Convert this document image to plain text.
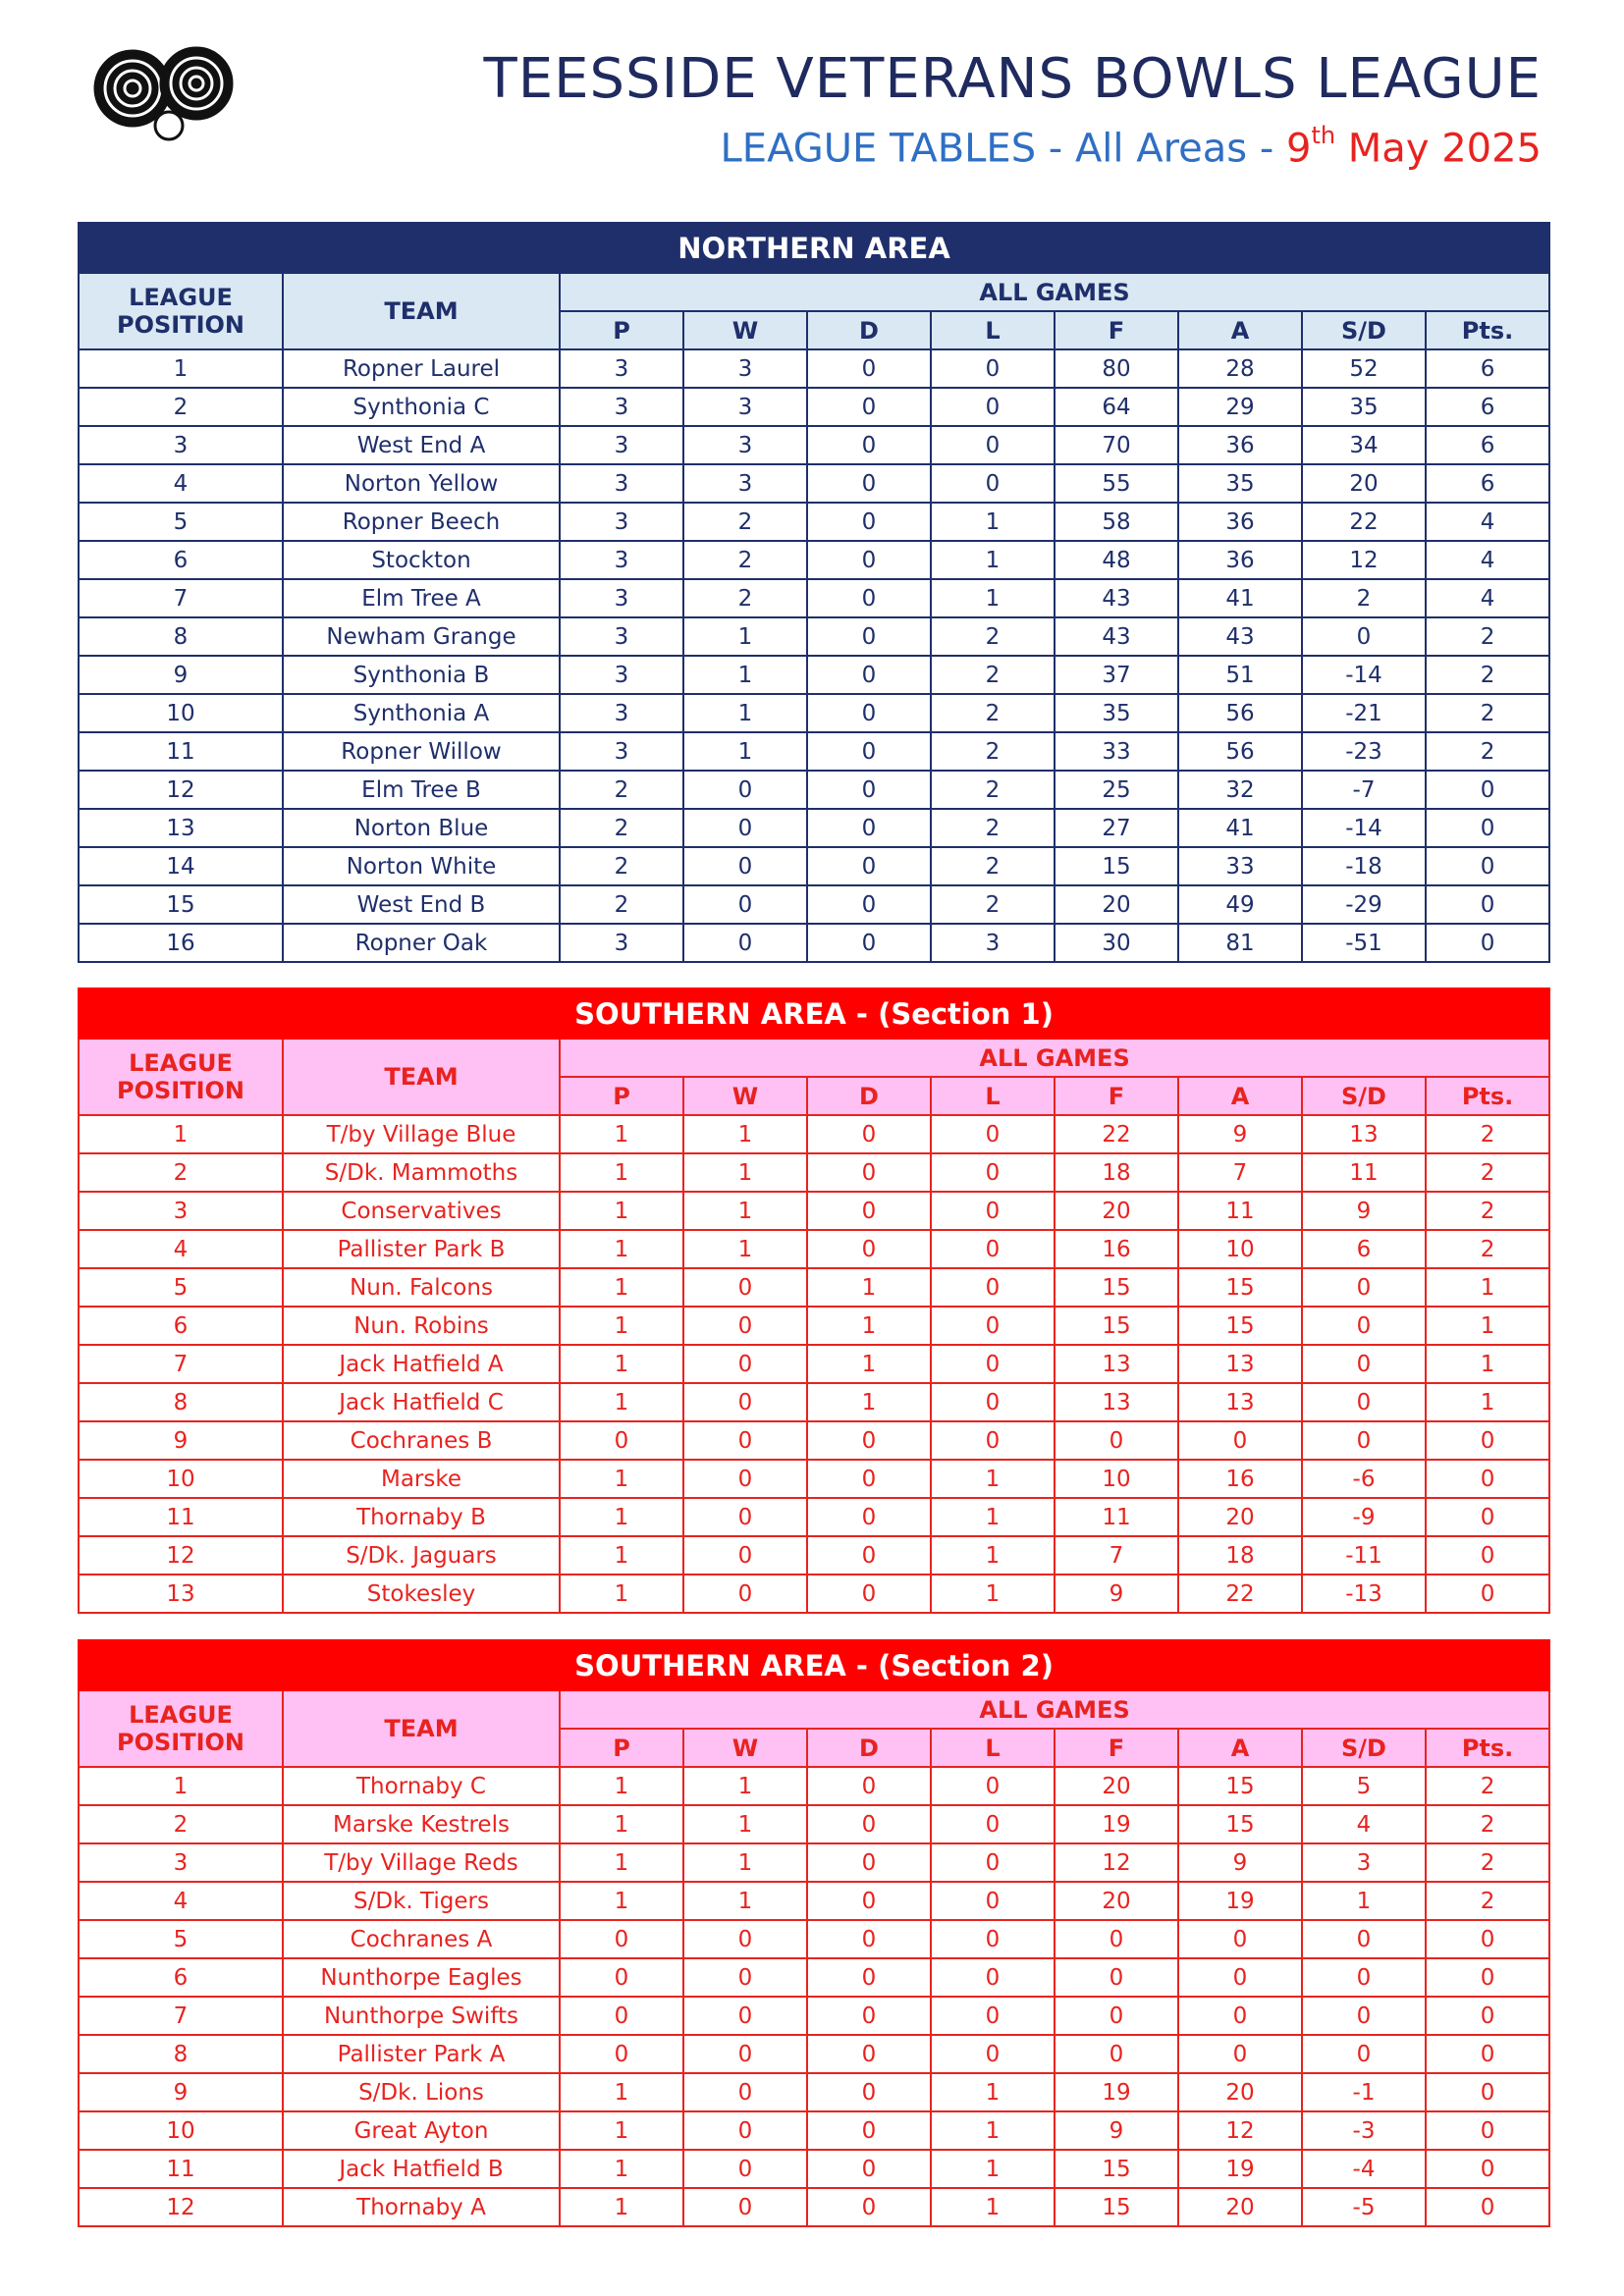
TEESSIDE VETERANS BOWLS LEAGUE
LEAGUE TABLES - All Areas - 9th May 2025
NORTHERN AREA									
LEAGUE
POSITION	TEAM	ALL GAMES							
		P	W	D	L	F	A	S/D	Pts.
1	Ropner Laurel	3	3	0	0	80	28	52	6
2	Synthonia C	3	3	0	0	64	29	35	6
3	West End A	3	3	0	0	70	36	34	6
4	Norton Yellow	3	3	0	0	55	35	20	6
5	Ropner Beech	3	2	0	1	58	36	22	4
6	Stockton	3	2	0	1	48	36	12	4
7	Elm Tree A	3	2	0	1	43	41	2	4
8	Newham Grange	3	1	0	2	43	43	0	2
9	Synthonia B	3	1	0	2	37	51	-14	2
10	Synthonia A	3	1	0	2	35	56	-21	2
11	Ropner Willow	3	1	0	2	33	56	-23	2
12	Elm Tree B	2	0	0	2	25	32	-7	0
13	Norton Blue	2	0	0	2	27	41	-14	0
14	Norton White	2	0	0	2	15	33	-18	0
15	West End B	2	0	0	2	20	49	-29	0
16	Ropner Oak	3	0	0	3	30	81	-51	0
SOUTHERN AREA - (Section 1)									
LEAGUE
POSITION	TEAM	ALL GAMES							
		P	W	D	L	F	A	S/D	Pts.
1	T/by Village Blue	1	1	0	0	22	9	13	2
2	S/Dk. Mammoths	1	1	0	0	18	7	11	2
3	Conservatives	1	1	0	0	20	11	9	2
4	Pallister Park B	1	1	0	0	16	10	6	2
5	Nun. Falcons	1	0	1	0	15	15	0	1
6	Nun. Robins	1	0	1	0	15	15	0	1
7	Jack Hatfield A	1	0	1	0	13	13	0	1
8	Jack Hatfield C	1	0	1	0	13	13	0	1
9	Cochranes B	0	0	0	0	0	0	0	0
10	Marske	1	0	0	1	10	16	-6	0
11	Thornaby B	1	0	0	1	11	20	-9	0
12	S/Dk. Jaguars	1	0	0	1	7	18	-11	0
13	Stokesley	1	0	0	1	9	22	-13	0
SOUTHERN AREA - (Section 2)									
LEAGUE
POSITION	TEAM	ALL GAMES							
		P	W	D	L	F	A	S/D	Pts.
1	Thornaby C	1	1	0	0	20	15	5	2
2	Marske Kestrels	1	1	0	0	19	15	4	2
3	T/by Village Reds	1	1	0	0	12	9	3	2
4	S/Dk. Tigers	1	1	0	0	20	19	1	2
5	Cochranes A	0	0	0	0	0	0	0	0
6	Nunthorpe Eagles	0	0	0	0	0	0	0	0
7	Nunthorpe Swifts	0	0	0	0	0	0	0	0
8	Pallister Park A	0	0	0	0	0	0	0	0
9	S/Dk. Lions	1	0	0	1	19	20	-1	0
10	Great Ayton	1	0	0	1	9	12	-3	0
11	Jack Hatfield B	1	0	0	1	15	19	-4	0
12	Thornaby A	1	0	0	1	15	20	-5	0
